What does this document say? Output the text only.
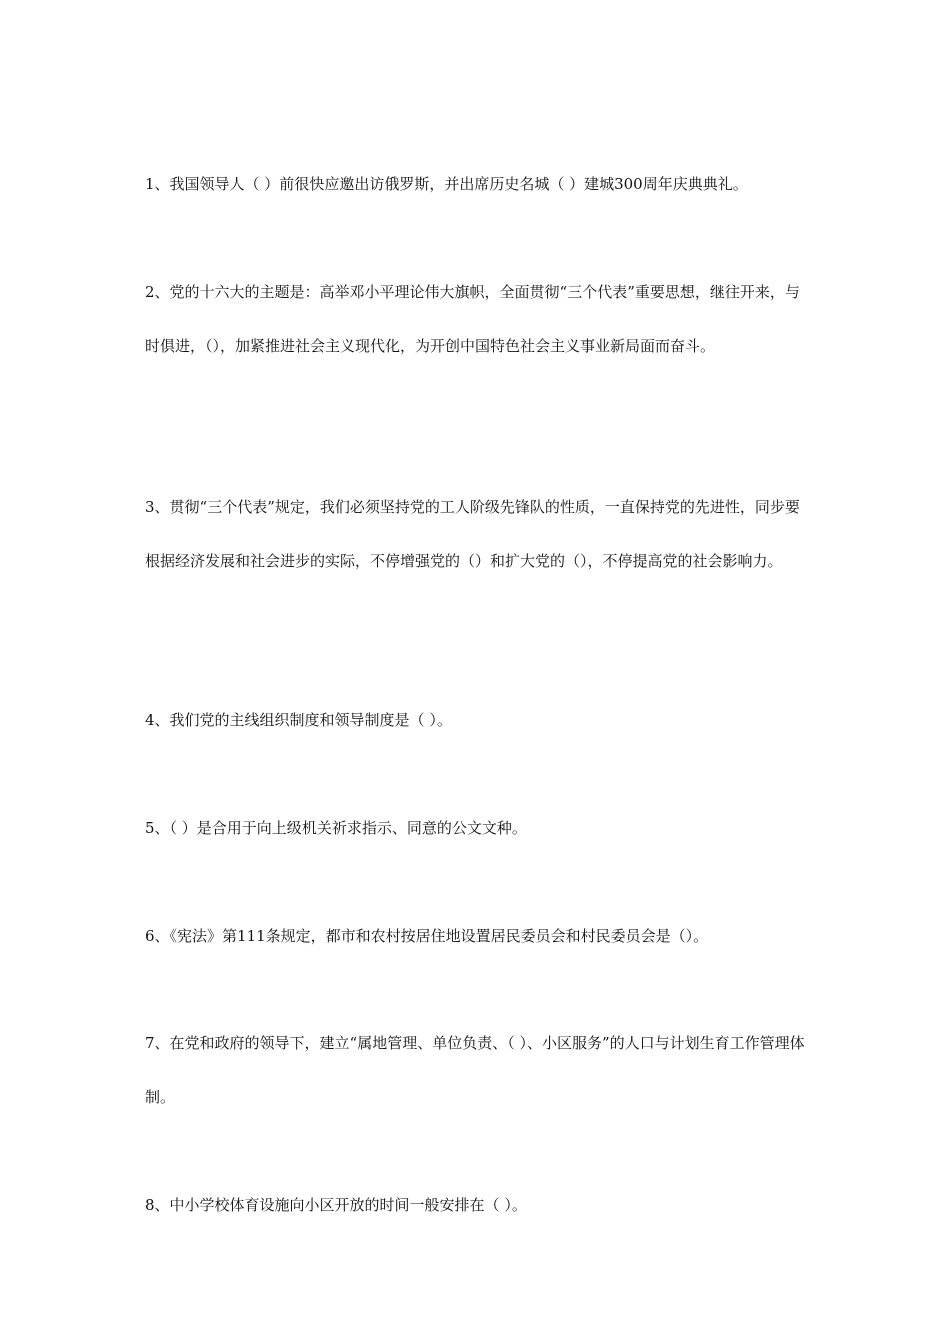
1、我国领导人（ ）前很快应邀出访俄罗斯，并出席历史名城（ ）建城300周年庆典典礼。

2、党的十六大的主题是：高举邓小平理论伟大旗帜，全面贯彻“三个代表”重要思想，继往开来，与时俱进，（），加紧推进社会主义现代化，为开创中国特色社会主义事业新局面而奋斗。

3、贯彻“三个代表”规定，我们必须坚持党的工人阶级先锋队的性质，一直保持党的先进性，同步要根据经济发展和社会进步的实际，不停增强党的（）和扩大党的（），不停提高党的社会影响力。

4、我们党的主线组织制度和领导制度是（ ）。

5、（ ）是合用于向上级机关祈求指示、同意的公文文种。

6、《宪法》第111条规定，都市和农村按居住地设置居民委员会和村民委员会是（）。

7、在党和政府的领导下，建立“属地管理、单位负责、（ ）、小区服务”的人口与计划生育工作管理体制。

8、中小学校体育设施向小区开放的时间一般安排在（ ）。
